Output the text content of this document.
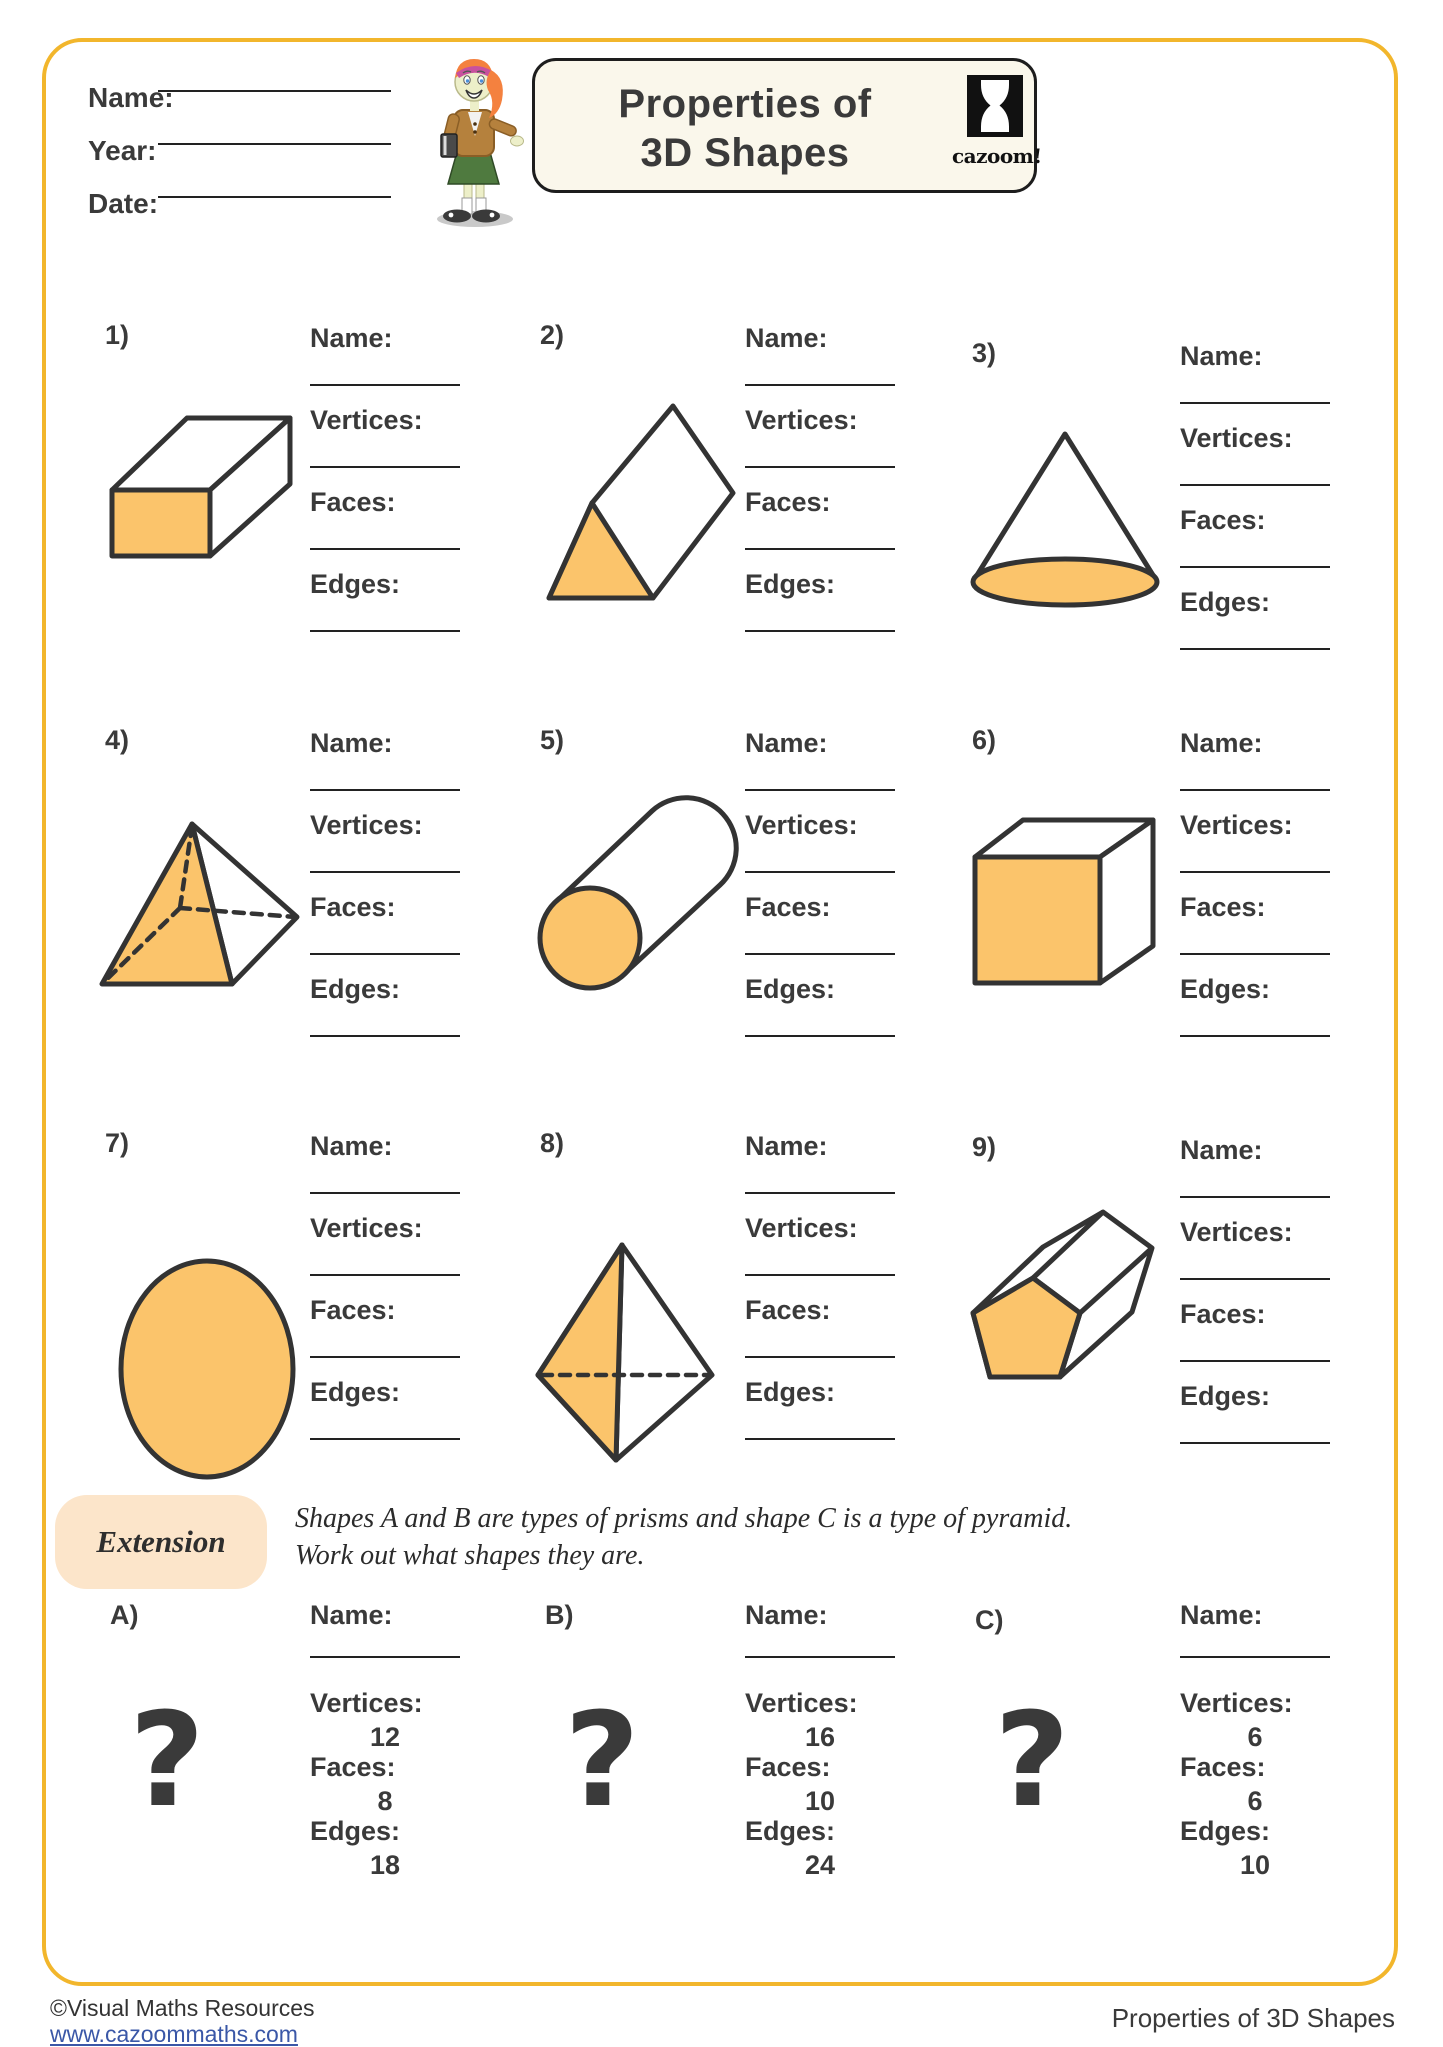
Name:
Year:
Date:
Properties of
3D Shapes	cazoom!
1)	Name:
Vertices:
Faces:
Edges:
2)	Name:
Vertices:
Faces:
Edges:
3)	Name:
Vertices:
Faces:
Edges:
4)	Name:
Vertices:
Faces:
Edges:
5)	Name:
Vertices:
Faces:
Edges:
6)	Name:
Vertices:
Faces:
Edges:
7)	Name:
Vertices:
Faces:
Edges:
8)	Name:
Vertices:
Faces:
Edges:
9)	Name:
Vertices:
Faces:
Edges:
Extension
Shapes A and B are types of prisms and shape C is a type of pyramid.
Work out what shapes they are.
A)
?
Name:
Vertices:
12
Faces:
8
Edges:
18
B)
?
Name:
Vertices:
16
Faces:
10
Edges:
24
C)
?
Name:
Vertices:
6
Faces:
6
Edges:
10
©Visual Maths Resources
www.cazoommaths.com
Properties of 3D Shapes
